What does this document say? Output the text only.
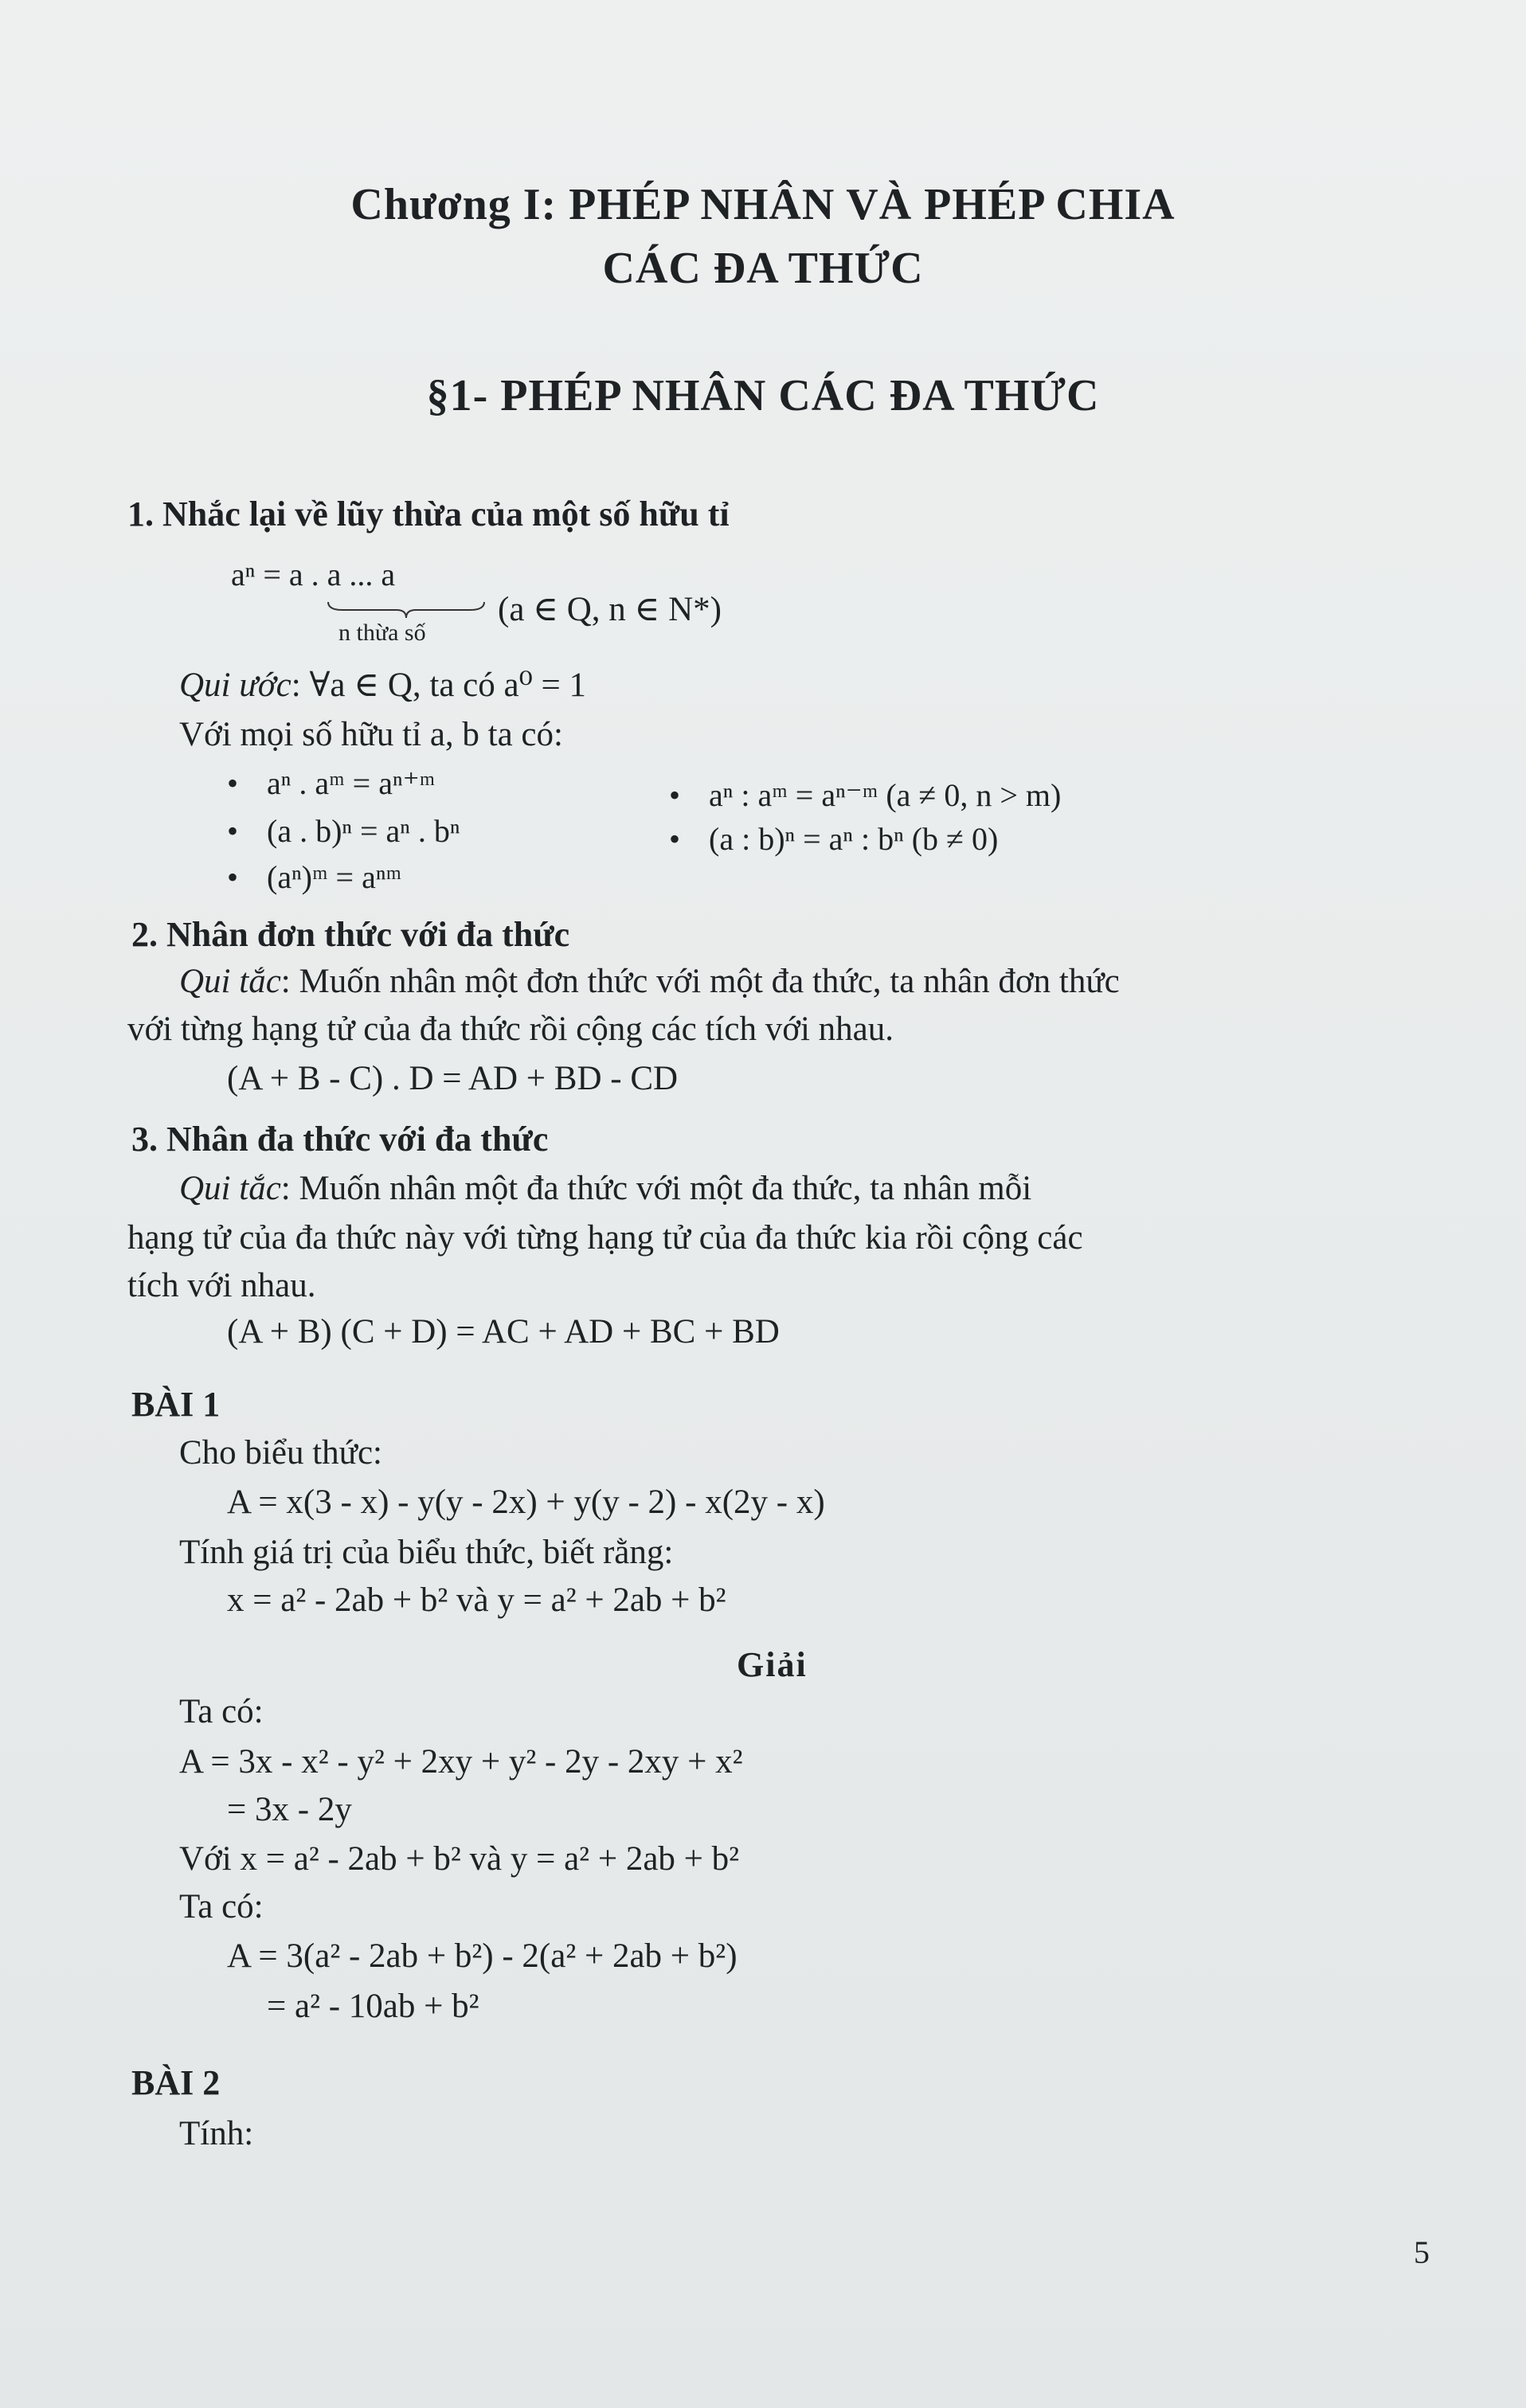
Chương I: PHÉP NHÂN VÀ PHÉP CHIA
CÁC ĐA THỨC
§1- PHÉP NHÂN CÁC ĐA THỨC
1. Nhắc lại về lũy thừa của một số hữu tỉ
aⁿ = a . a ... a
n thừa số
(a ∈ Q, n ∈ N*)
Qui ước: ∀a ∈ Q, ta có a⁰ = 1
Với mọi số hữu tỉ a, b ta có:
• aⁿ . aᵐ = aⁿ⁺ᵐ
• (a . b)ⁿ = aⁿ . bⁿ
• (aⁿ)ᵐ = aⁿᵐ
• aⁿ : aᵐ = aⁿ⁻ᵐ (a ≠ 0, n > m)
• (a : b)ⁿ = aⁿ : bⁿ (b ≠ 0)
2. Nhân đơn thức với đa thức
Qui tắc: Muốn nhân một đơn thức với một đa thức, ta nhân đơn thức
với từng hạng tử của đa thức rồi cộng các tích với nhau.
(A + B - C) . D = AD + BD - CD
3. Nhân đa thức với đa thức
Qui tắc: Muốn nhân một đa thức với một đa thức, ta nhân mỗi
hạng tử của đa thức này với từng hạng tử của đa thức kia rồi cộng các
tích với nhau.
(A + B) (C + D) = AC + AD + BC + BD
BÀI 1
Cho biểu thức:
A = x(3 - x) - y(y - 2x) + y(y - 2) - x(2y - x)
Tính giá trị của biểu thức, biết rằng:
x = a² - 2ab + b² và y = a² + 2ab + b²
Giải
Ta có:
A = 3x - x² - y² + 2xy + y² - 2y - 2xy + x²
= 3x - 2y
Với x = a² - 2ab + b² và y = a² + 2ab + b²
Ta có:
A = 3(a² - 2ab + b²) - 2(a² + 2ab + b²)
= a² - 10ab + b²
BÀI 2
Tính:
5
